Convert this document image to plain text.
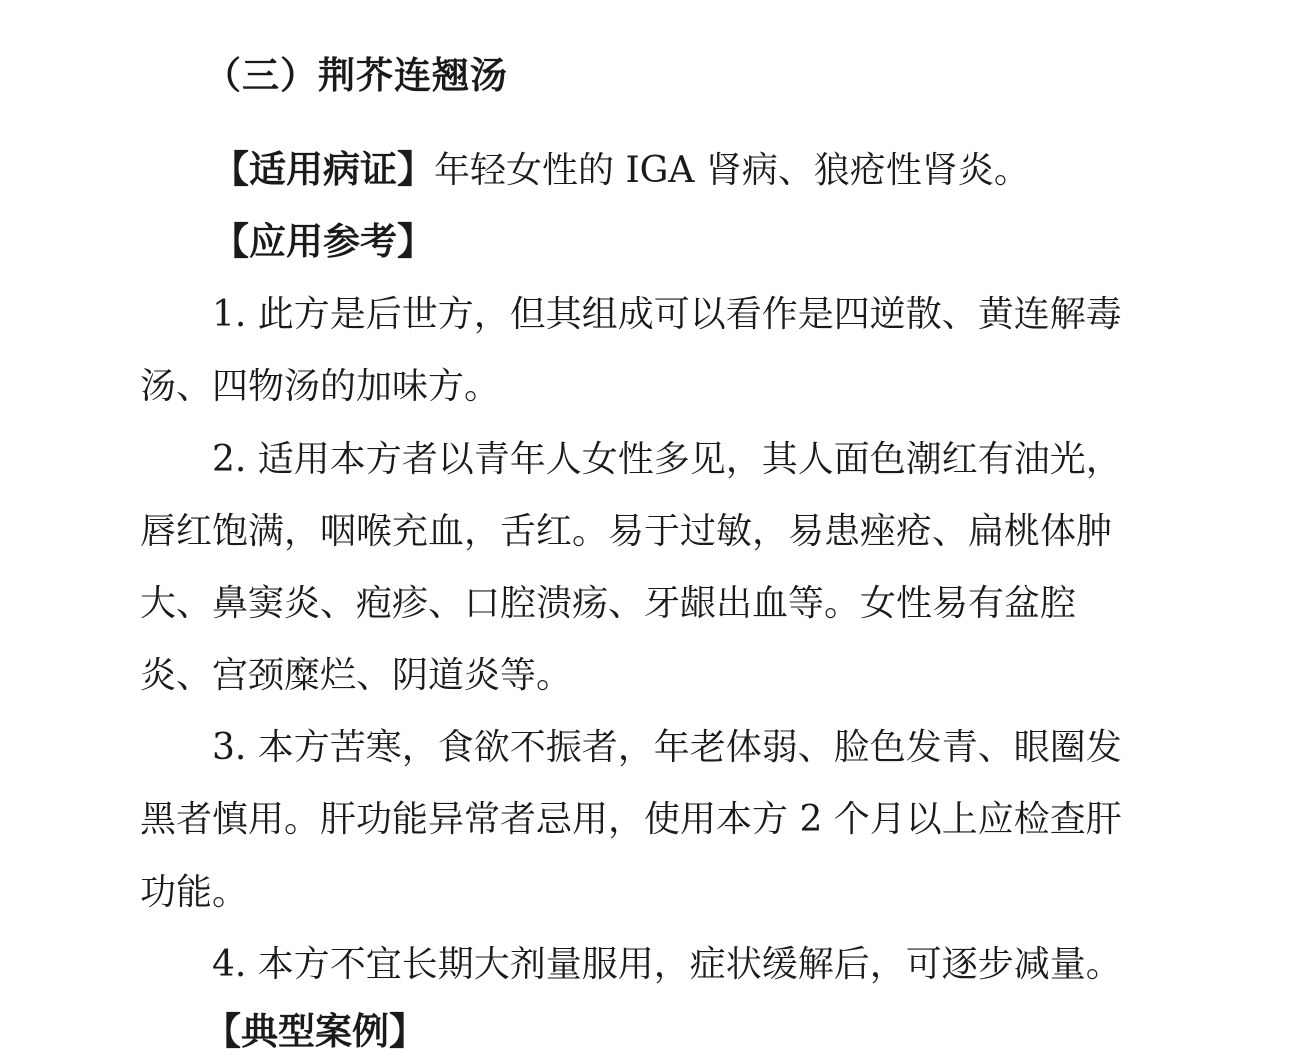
（三）荆芥连翘汤
【适用病证】年轻女性的 IGA 肾病、狼疮性肾炎。
【应用参考】
1. 此方是后世方，但其组成可以看作是四逆散、黄连解毒
汤、四物汤的加味方。
2. 适用本方者以青年人女性多见，其人面色潮红有油光，
唇红饱满，咽喉充血，舌红。易于过敏，易患痤疮、扁桃体肿
大、鼻窦炎、疱疹、口腔溃疡、牙龈出血等。女性易有盆腔
炎、宫颈糜烂、阴道炎等。
3. 本方苦寒，食欲不振者，年老体弱、脸色发青、眼圈发
黑者慎用。肝功能异常者忌用，使用本方 2 个月以上应检查肝
功能。
4. 本方不宜长期大剂量服用，症状缓解后，可逐步减量。
【典型案例】
